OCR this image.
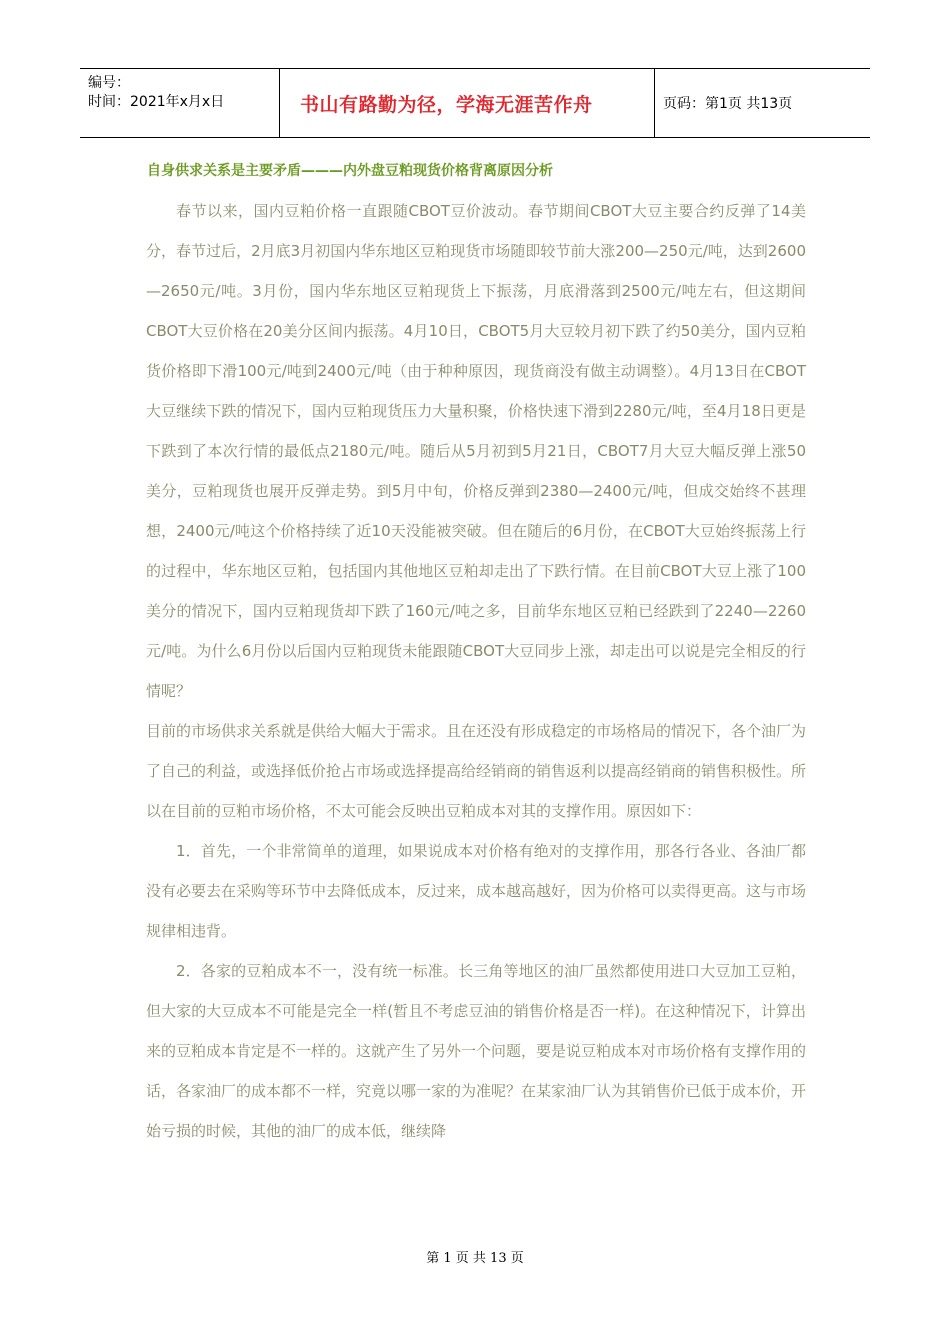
编号：
时间：2021年x月x日	书山有路勤为径，学海无涯苦作舟	页码：第1页 共13页
自身供求关系是主要矛盾———内外盘豆粕现货价格背离原因分析

春节以来，国内豆粕价格一直跟随CBOT豆价波动。春节期间CBOT大豆主要合约反弹了14美分，春节过后，2月底3月初国内华东地区豆粕现货市场随即较节前大涨200—250元/吨，达到2600—2650元/吨。3月份，国内华东地区豆粕现货上下振荡，月底滑落到2500元/吨左右，但这期间CBOT大豆价格在20美分区间内振荡。4月10日，CBOT5月大豆较月初下跌了约50美分，国内豆粕货价格即下滑100元/吨到2400元/吨（由于种种原因，现货商没有做主动调整）。4月13日在CBOT大豆继续下跌的情况下，国内豆粕现货压力大量积聚，价格快速下滑到2280元/吨，至4月18日更是下跌到了本次行情的最低点2180元/吨。随后从5月初到5月21日，CBOT7月大豆大幅反弹上涨50美分，豆粕现货也展开反弹走势。到5月中旬，价格反弹到2380—2400元/吨，但成交始终不甚理想，2400元/吨这个价格持续了近10天没能被突破。但在随后的6月份，在CBOT大豆始终振荡上行的过程中，华东地区豆粕，包括国内其他地区豆粕却走出了下跌行情。在目前CBOT大豆上涨了100美分的情况下，国内豆粕现货却下跌了160元/吨之多，目前华东地区豆粕已经跌到了2240—2260元/吨。为什么6月份以后国内豆粕现货未能跟随CBOT大豆同步上涨，却走出可以说是完全相反的行情呢？

目前的市场供求关系就是供给大幅大于需求。且在还没有形成稳定的市场格局的情况下，各个油厂为了自己的利益，或选择低价抢占市场或选择提高给经销商的销售返利以提高经销商的销售积极性。所以在目前的豆粕市场价格，不太可能会反映出豆粕成本对其的支撑作用。原因如下：

1．首先，一个非常简单的道理，如果说成本对价格有绝对的支撑作用，那各行各业、各油厂都没有必要去在采购等环节中去降低成本，反过来，成本越高越好，因为价格可以卖得更高。这与市场规律相违背。

2．各家的豆粕成本不一，没有统一标准。长三角等地区的油厂虽然都使用进口大豆加工豆粕，但大家的大豆成本不可能是完全一样(暂且不考虑豆油的销售价格是否一样)。在这种情况下，计算出来的豆粕成本肯定是不一样的。这就产生了另外一个问题，要是说豆粕成本对市场价格有支撑作用的话，各家油厂的成本都不一样，究竟以哪一家的为准呢？在某家油厂认为其销售价已低于成本价，开始亏损的时候，其他的油厂的成本低，继续降

第 1 页 共 13 页
